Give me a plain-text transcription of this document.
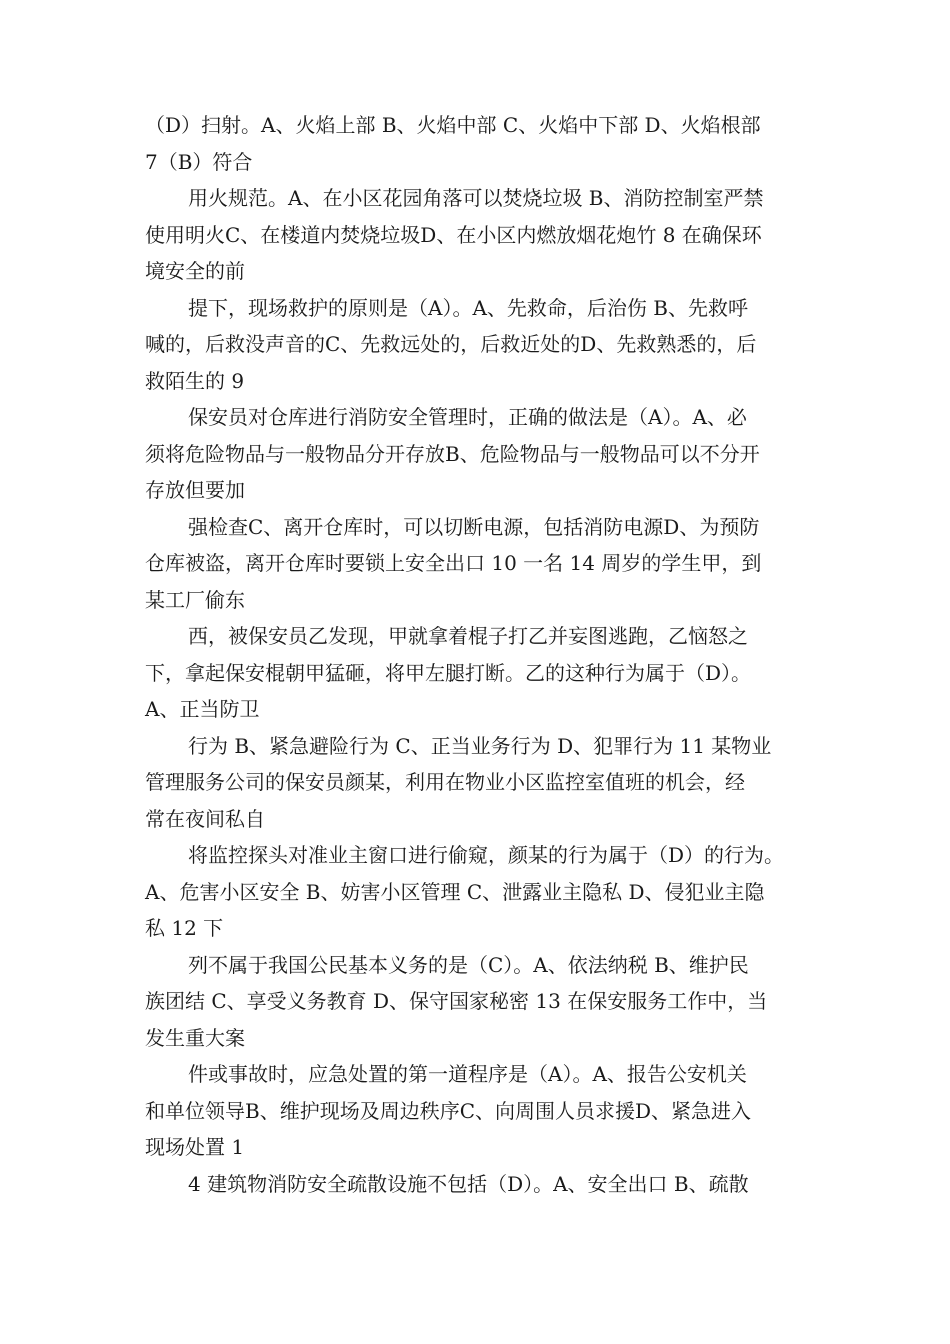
（D）扫射。A、火焰上部 B、火焰中部 C、火焰中下部 D、火焰根部
7（B）符合
用火规范。A、在小区花园角落可以焚烧垃圾 B、消防控制室严禁
使用明火C、在楼道内焚烧垃圾D、在小区内燃放烟花炮竹 8 在确保环
境安全的前
提下，现场救护的原则是（A）。A、先救命，后治伤 B、先救呼
喊的，后救没声音的C、先救远处的，后救近处的D、先救熟悉的，后
救陌生的 9
保安员对仓库进行消防安全管理时，正确的做法是（A）。A、必
须将危险物品与一般物品分开存放B、危险物品与一般物品可以不分开
存放但要加
强检查C、离开仓库时，可以切断电源，包括消防电源D、为预防
仓库被盗，离开仓库时要锁上安全出口 10 一名 14 周岁的学生甲，到
某工厂偷东
西，被保安员乙发现，甲就拿着棍子打乙并妄图逃跑，乙恼怒之
下，拿起保安棍朝甲猛砸，将甲左腿打断。乙的这种行为属于（D）。
A、正当防卫
行为 B、紧急避险行为 C、正当业务行为 D、犯罪行为 11 某物业
管理服务公司的保安员颜某，利用在物业小区监控室值班的机会，经
常在夜间私自
将监控探头对准业主窗口进行偷窥，颜某的行为属于（D）的行为。
A、危害小区安全 B、妨害小区管理 C、泄露业主隐私 D、侵犯业主隐
私 12 下
列不属于我国公民基本义务的是（C）。A、依法纳税 B、维护民
族团结 C、享受义务教育 D、保守国家秘密 13 在保安服务工作中，当
发生重大案
件或事故时，应急处置的第一道程序是（A）。A、报告公安机关
和单位领导B、维护现场及周边秩序C、向周围人员求援D、紧急进入
现场处置 1
4 建筑物消防安全疏散设施不包括（D）。A、安全出口 B、疏散
